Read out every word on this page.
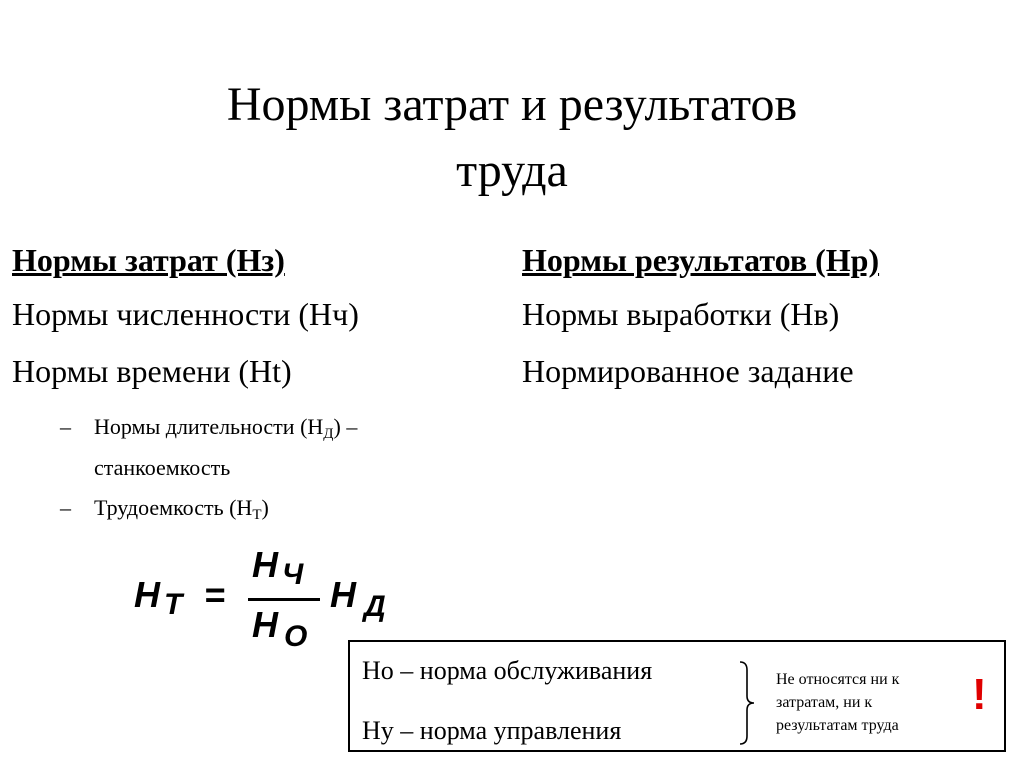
Нормы затрат и результатов
труда
Нормы затрат (Нз)
Нормы численности (Нч)
Нормы времени (Ht)
– Нормы длительности (НД) –
станкоемкость
– Трудоемкость (НТ)
Нормы результатов (Нр)
Нормы выработки (Нв)
Нормированное задание
H T =
H Ч
H O
H Д
Но – норма обслуживания
Ну – норма управления
Не относятся ни к затратам, ни к результатам труда
!
